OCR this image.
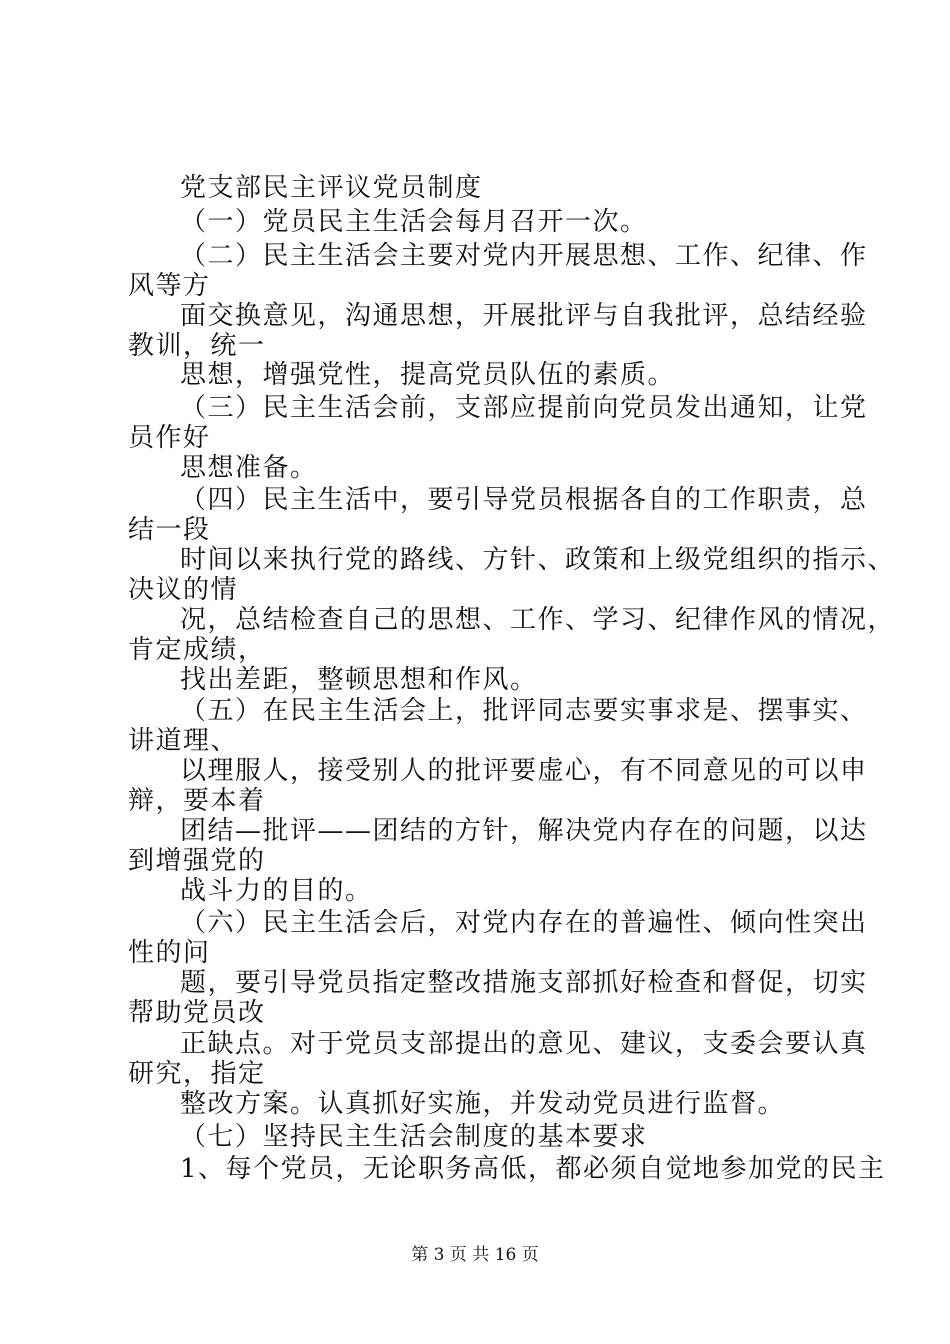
党支部民主评议党员制度
（一）党员民主生活会每月召开一次。
（二）民主生活会主要对党内开展思想、工作、纪律、作
风等方
面交换意见，沟通思想，开展批评与自我批评，总结经验
教训，统一
思想，增强党性，提高党员队伍的素质。
（三）民主生活会前，支部应提前向党员发出通知，让党
员作好
思想准备。
（四）民主生活中，要引导党员根据各自的工作职责，总
结一段
时间以来执行党的路线、方针、政策和上级党组织的指示、
决议的情
况，总结检查自己的思想、工作、学习、纪律作风的情况，
肯定成绩，
找出差距，整顿思想和作风。
（五）在民主生活会上，批评同志要实事求是、摆事实、
讲道理、
以理服人，接受别人的批评要虚心，有不同意见的可以申
辩，要本着
团结—批评——团结的方针，解决党内存在的问题，以达
到增强党的
战斗力的目的。
（六）民主生活会后，对党内存在的普遍性、倾向性突出
性的问
题，要引导党员指定整改措施支部抓好检查和督促，切实
帮助党员改
正缺点。对于党员支部提出的意见、建议，支委会要认真
研究，指定
整改方案。认真抓好实施，并发动党员进行监督。
（七）坚持民主生活会制度的基本要求
1、每个党员，无论职务高低，都必须自觉地参加党的民主
第 3 页 共 16 页
